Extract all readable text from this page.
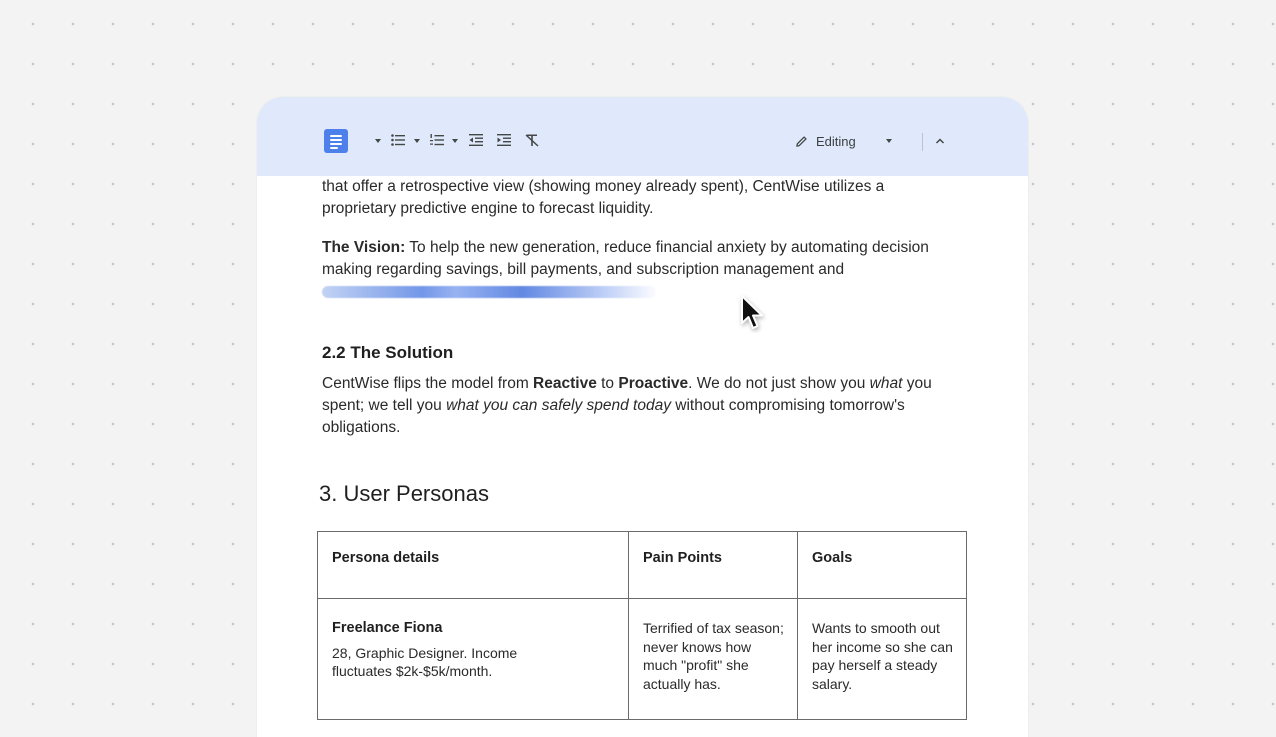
Editing

that offer a retrospective view (showing money already spent), CentWise utilizes a proprietary predictive engine to forecast liquidity.

The Vision: To help the new generation, reduce financial anxiety by automating decision making regarding savings, bill payments, and subscription management and

2.2 The Solution

CentWise flips the model from Reactive to Proactive. We do not just show you what you spent; we tell you what you can safely spend today without compromising tomorrow's obligations.

3. User Personas
Persona details	Pain Points	Goals

Freelance Fiona
28, Graphic Designer. Income fluctuates $2k-$5k/month.	Terrified of tax season; never knows how much "profit" she actually has.	Wants to smooth out her income so she can pay herself a steady salary.
